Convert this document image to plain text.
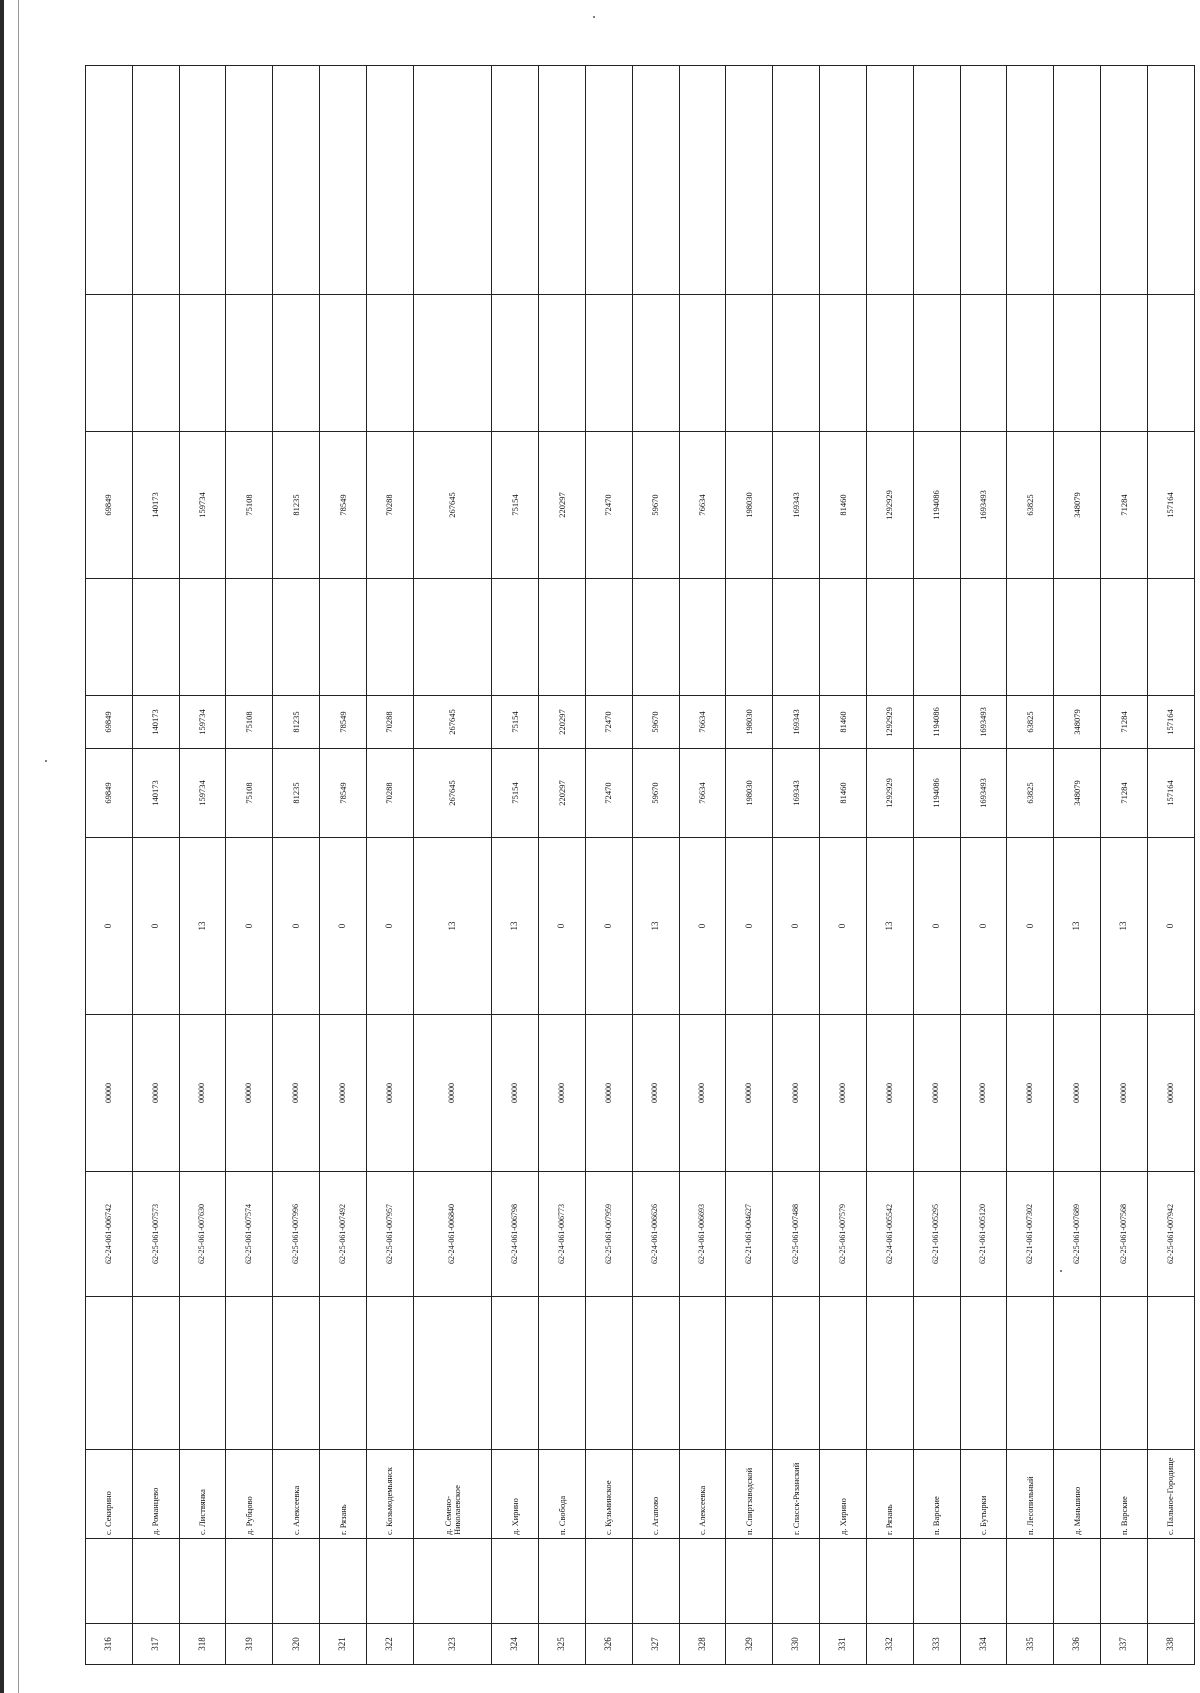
316		с. Секирино		62-24-061-006742	00000	0	69849	69849		69849		
317		д. Романцево		62-25-061-007573	00000	0	140173	140173		140173		
318		с. Листвянка		62-25-061-007630	00000	13	159734	159734		159734		
319		д. Рубцово		62-25-061-007574	00000	0	75108	75108		75108		
320		с. Алексеевка		62-25-061-007996	00000	0	81235	81235		81235		
321		г. Рязань		62-25-061-007492	00000	0	78549	78549		78549		
322		с. Козьмодемьянск		62-25-061-007957	00000	0	70288	70288		70288		
323		д. Семено-Николаевское		62-24-061-006840	00000	13	267645	267645		267645		
324		д. Хирино		62-24-061-006798	00000	13	75154	75154		75154		
325		п. Свобода		62-24-061-006773	00000	0	220297	220297		220297		
326		с. Кузьминское		62-25-061-007959	00000	0	72470	72470		72470		
327		с. Агапово		62-24-061-006626	00000	13	59670	59670		59670		
328		с. Алексеевка		62-24-061-006693	00000	0	76634	76634		76634		
329		п. Спиртзаводской		62-21-061-004627	00000	0	198030	198030		198030		
330		г. Спасск-Рязанский		62-25-061-007488	00000	0	169343	169343		169343		
331		д. Хирино		62-25-061-007579	00000	0	81460	81460		81460		
332		г. Рязань		62-24-061-005542	00000	13	1292929	1292929		1292929		
333		п. Варские		62-21-061-005295	00000	0	1194086	1194086		1194086		
334		с. Бутырки		62-21-061-005120	00000	0	1693493	1693493		1693493		
335		п. Лесопильный		62-21-061-007302	00000	0	63825	63825		63825		
336		д. Маньшино		62-25-061-007689	00000	13	348079	348079		348079		
337		п. Варские		62-25-061-007568	00000	13	71284	71284		71284		
338		с. Пальное-Городище		62-25-061-007942	00000	0	157164	157164		157164		
